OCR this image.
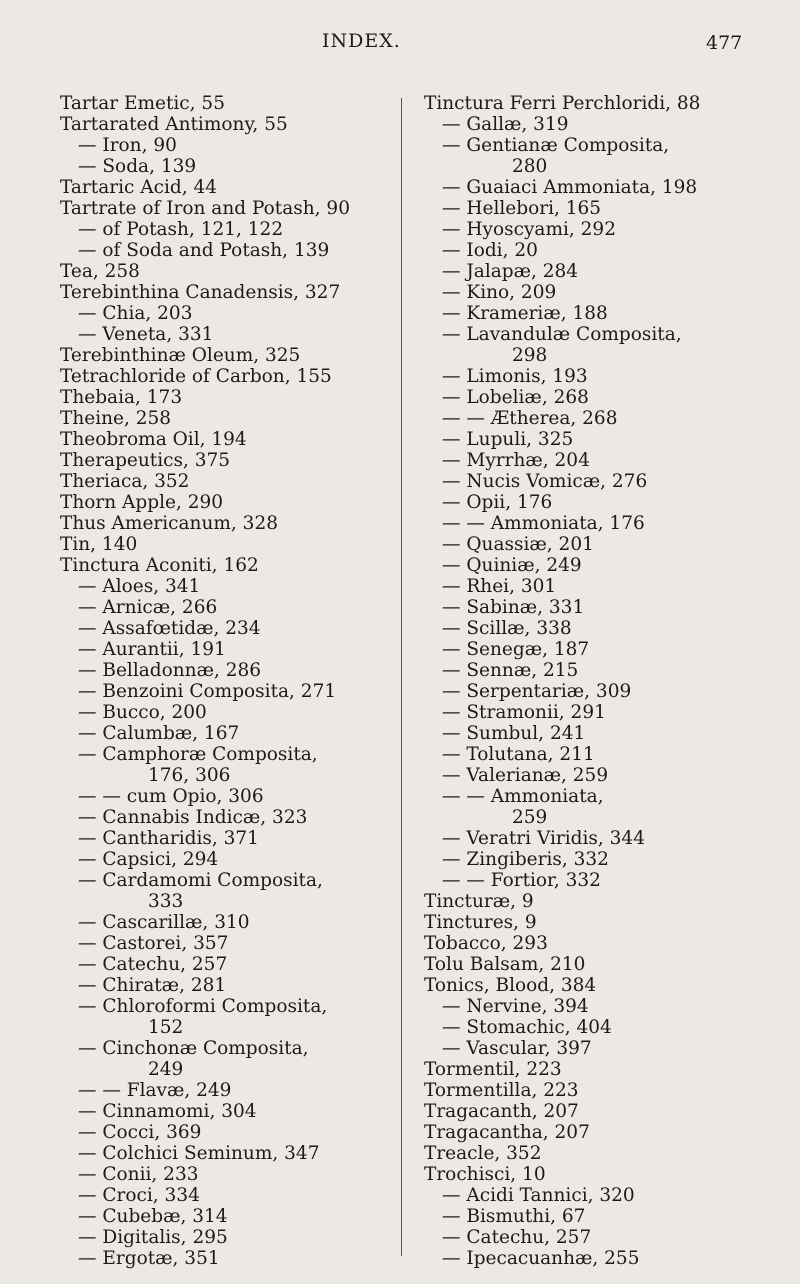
INDEX.	477
Tartar Emetic, 55
Tartarated Antimony, 55
— Iron, 90
— Soda, 139
Tartaric Acid, 44
Tartrate of Iron and Potash, 90
— of Potash, 121, 122
— of Soda and Potash, 139
Tea, 258
Terebinthina Canadensis, 327
— Chia, 203
— Veneta, 331
Terebinthinæ Oleum, 325
Tetrachloride of Carbon, 155
Thebaia, 173
Theine, 258
Theobroma Oil, 194
Therapeutics, 375
Theriaca, 352
Thorn Apple, 290
Thus Americanum, 328
Tin, 140
Tinctura Aconiti, 162
— Aloes, 341
— Arnicæ, 266
— Assafœtidæ, 234
— Aurantii, 191
— Belladonnæ, 286
— Benzoini Composita, 271
— Bucco, 200
— Calumbæ, 167
— Camphoræ Composita,
176, 306
— — cum Opio, 306
— Cannabis Indicæ, 323
— Cantharidis, 371
— Capsici, 294
— Cardamomi Composita,
333
— Cascarillæ, 310
— Castorei, 357
— Catechu, 257
— Chiratæ, 281
— Chloroformi Composita,
152
— Cinchonæ Composita,
249
— — Flavæ, 249
— Cinnamomi, 304
— Cocci, 369
— Colchici Seminum, 347
— Conii, 233
— Croci, 334
— Cubebæ, 314
— Digitalis, 295
— Ergotæ, 351
Tinctura Ferri Perchloridi, 88
— Gallæ, 319
— Gentianæ Composita,
280
— Guaiaci Ammoniata, 198
— Hellebori, 165
— Hyoscyami, 292
— Iodi, 20
— Jalapæ, 284
— Kino, 209
— Krameriæ, 188
— Lavandulæ Composita,
298
— Limonis, 193
— Lobeliæ, 268
— — Ætherea, 268
— Lupuli, 325
— Myrrhæ, 204
— Nucis Vomicæ, 276
— Opii, 176
— — Ammoniata, 176
— Quassiæ, 201
— Quiniæ, 249
— Rhei, 301
— Sabinæ, 331
— Scillæ, 338
— Senegæ, 187
— Sennæ, 215
— Serpentariæ, 309
— Stramonii, 291
— Sumbul, 241
— Tolutana, 211
— Valerianæ, 259
— — Ammoniata,
259
— Veratri Viridis, 344
— Zingiberis, 332
— — Fortior, 332
Tincturæ, 9
Tinctures, 9
Tobacco, 293
Tolu Balsam, 210
Tonics, Blood, 384
— Nervine, 394
— Stomachic, 404
— Vascular, 397
Tormentil, 223
Tormentilla, 223
Tragacanth, 207
Tragacantha, 207
Treacle, 352
Trochisci, 10
— Acidi Tannici, 320
— Bismuthi, 67
— Catechu, 257
— Ipecacuanhæ, 255
